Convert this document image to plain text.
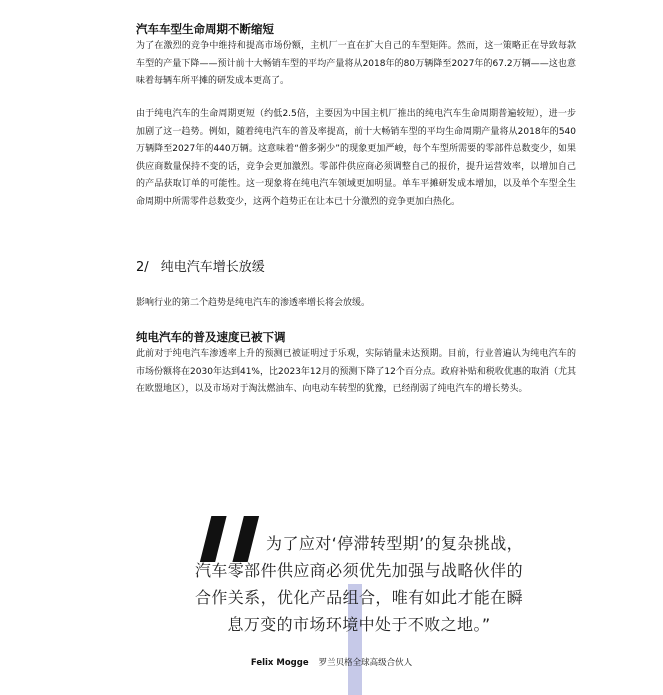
汽车车型生命周期不断缩短

为了在激烈的竞争中维持和提高市场份额，主机厂一直在扩大自己的车型矩阵。然而，这一策略正在导致每款车型的产量下降——预计前十大畅销车型的平均产量将从2018年的80万辆降至2027年的67.2万辆——这也意味着每辆车所平摊的研发成本更高了。

由于纯电汽车的生命周期更短（约低2.5倍，主要因为中国主机厂推出的纯电汽车生命周期普遍较短），进一步加剧了这一趋势。例如，随着纯电汽车的普及率提高，前十大畅销车型的平均生命周期产量将从2018年的540万辆降至2027年的440万辆。这意味着“僧多粥少”的现象更加严峻，每个车型所需要的零部件总数变少，如果供应商数量保持不变的话，竞争会更加激烈。零部件供应商必须调整自己的报价，提升运营效率，以增加自己的产品获取订单的可能性。这一现象将在纯电汽车领域更加明显。单车平摊研发成本增加，以及单个车型全生命周期中所需零件总数变少，这两个趋势正在让本已十分激烈的竞争更加白热化。

2/ 纯电汽车增长放缓

影响行业的第二个趋势是纯电汽车的渗透率增长将会放缓。

纯电汽车的普及速度已被下调

此前对于纯电汽车渗透率上升的预测已被证明过于乐观，实际销量未达预期。目前，行业普遍认为纯电汽车的市场份额将在2030年达到41%，比2023年12月的预测下降了12个百分点。政府补贴和税收优惠的取消（尤其在欧盟地区），以及市场对于淘汰燃油车、向电动车转型的犹豫，已经削弱了纯电汽车的增长势头。

❚❚为了应对‘停滞转型期’的复杂挑战，汽车零部件供应商必须优先加强与战略伙伴的合作关系，优化产品组合，唯有如此才能在瞬息万变的市场环境中处于不败之地。”
Felix Mogge 罗兰贝格全球高级合伙人
